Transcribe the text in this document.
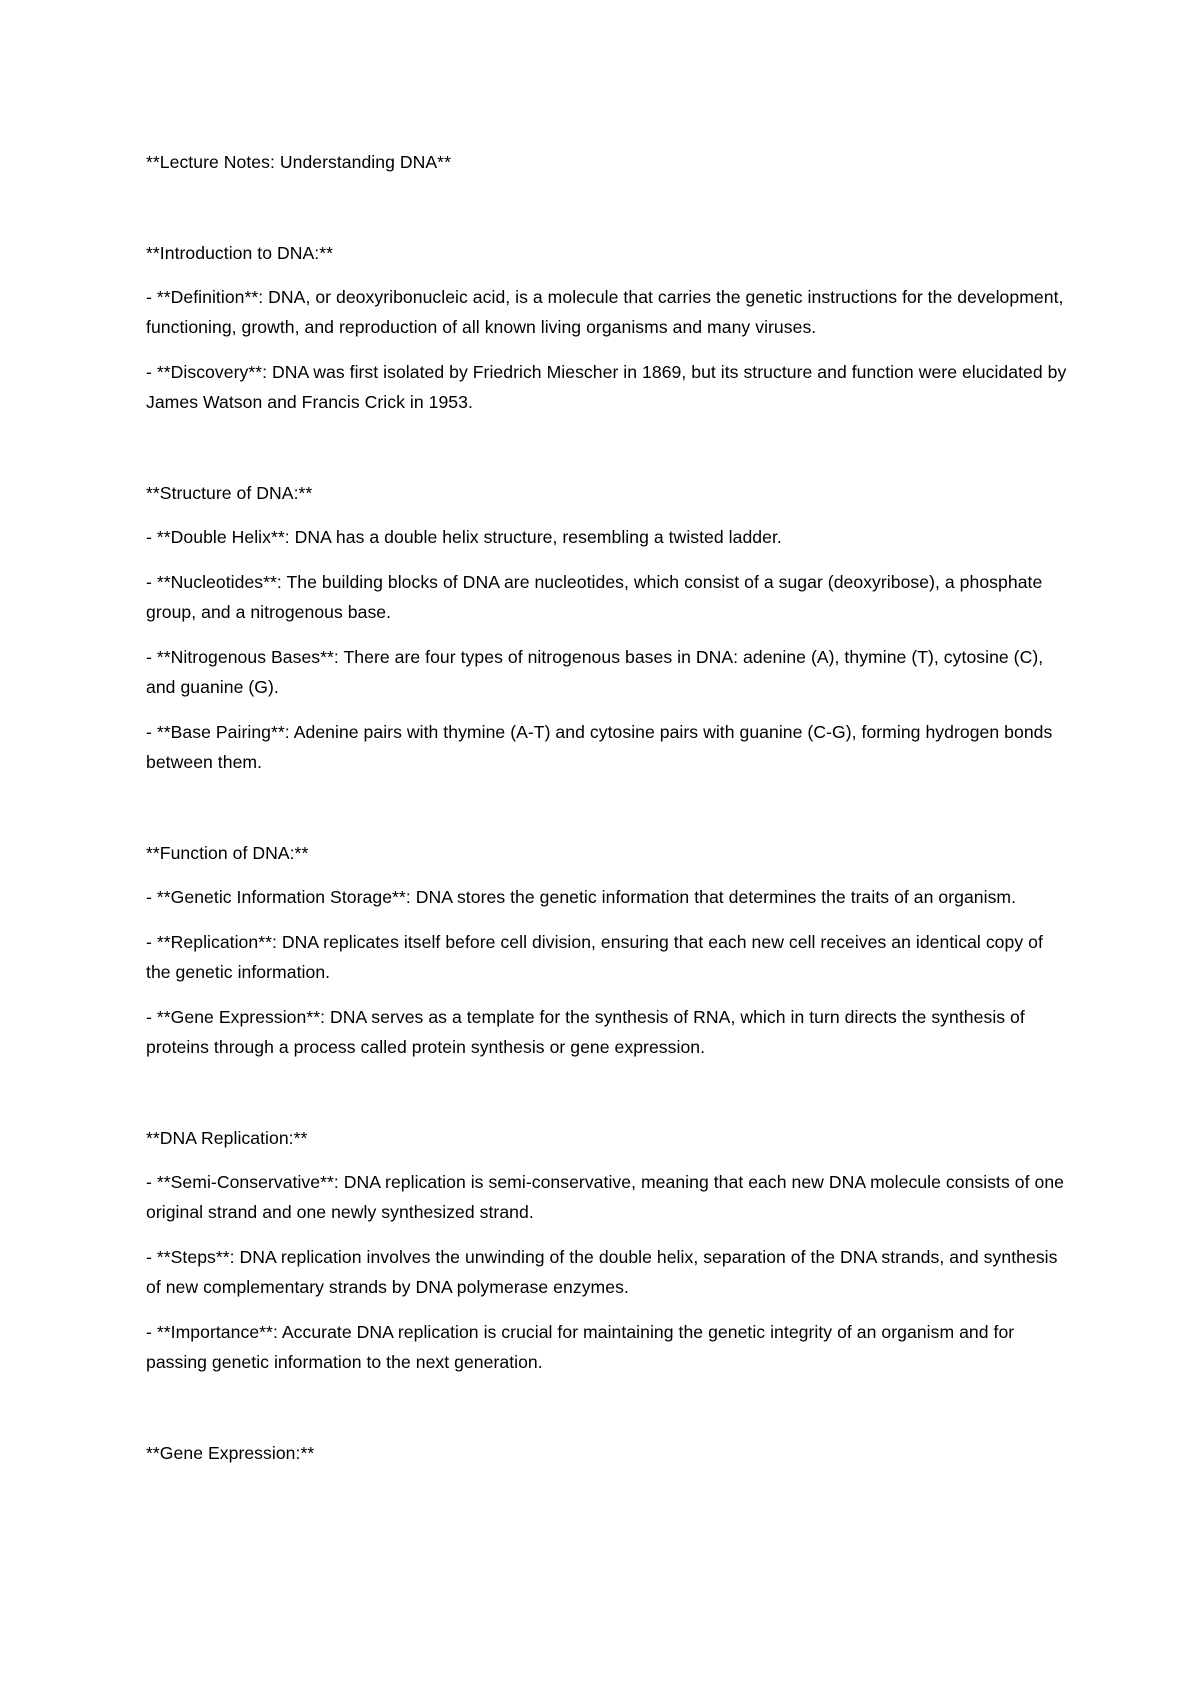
**Lecture Notes: Understanding DNA**

**Introduction to DNA:**

- **Definition**: DNA, or deoxyribonucleic acid, is a molecule that carries the genetic instructions for the development, functioning, growth, and reproduction of all known living organisms and many viruses.

- **Discovery**: DNA was first isolated by Friedrich Miescher in 1869, but its structure and function were elucidated by James Watson and Francis Crick in 1953.

**Structure of DNA:**

- **Double Helix**: DNA has a double helix structure, resembling a twisted ladder.

- **Nucleotides**: The building blocks of DNA are nucleotides, which consist of a sugar (deoxyribose), a phosphate group, and a nitrogenous base.

- **Nitrogenous Bases**: There are four types of nitrogenous bases in DNA: adenine (A), thymine (T), cytosine (C), and guanine (G).

- **Base Pairing**: Adenine pairs with thymine (A-T) and cytosine pairs with guanine (C-G), forming hydrogen bonds between them.

**Function of DNA:**

- **Genetic Information Storage**: DNA stores the genetic information that determines the traits of an organism.

- **Replication**: DNA replicates itself before cell division, ensuring that each new cell receives an identical copy of the genetic information.

- **Gene Expression**: DNA serves as a template for the synthesis of RNA, which in turn directs the synthesis of proteins through a process called protein synthesis or gene expression.

**DNA Replication:**

- **Semi-Conservative**: DNA replication is semi-conservative, meaning that each new DNA molecule consists of one original strand and one newly synthesized strand.

- **Steps**: DNA replication involves the unwinding of the double helix, separation of the DNA strands, and synthesis of new complementary strands by DNA polymerase enzymes.

- **Importance**: Accurate DNA replication is crucial for maintaining the genetic integrity of an organism and for passing genetic information to the next generation.

**Gene Expression:**
